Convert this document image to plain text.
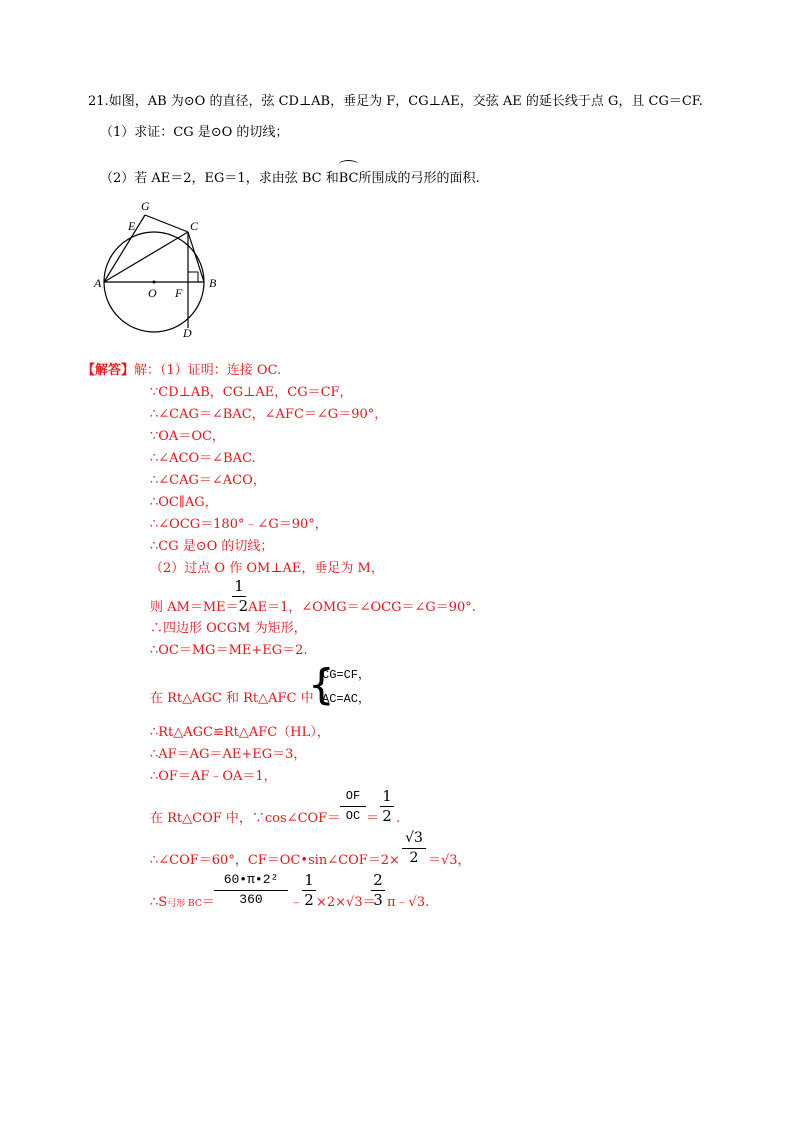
21.如图，AB 为⊙O 的直径，弦 CD⊥AB，垂足为 F，CG⊥AE，交弦 AE 的延长线于点 G，且 CG＝CF.
（1）求证：CG 是⊙O 的切线；
（2）若 AE＝2，EG＝1，求由弦 BC 和
BC所围成的弓形的面积.
G
E	C
A
O F
B
D
【解答】解：（1）证明：连接 OC.
∵CD⊥AB，CG⊥AE，CG＝CF，
∴∠CAG＝∠BAC，∠AFC＝∠G＝90°，
∵OA＝OC，
∴∠ACO＝∠BAC.
∴∠CAG＝∠ACO，
∴OC∥AG，
∴∠OCG＝180°﹣∠G＝90°，
∴CG 是⊙O 的切线；
（2）过点 O 作 OM⊥AE，垂足为 M，
1
则 AM＝ME＝2AE＝1，∠OMG＝∠OCG＝∠G＝90°.
∴四边形 OCGM 为矩形，
∴OC＝MG＝ME+EG＝2.
在 Rt△AGC 和 Rt△AFC 中
{
CG=CF，
AC=AC，
∴Rt△AGC≌Rt△AFC（HL），
∴AF＝AG＝AE+EG＝3，
∴OF＝AF﹣OA＝1，
在 Rt△COF 中，∵cos∠COF＝
OF
OC ＝
1
2 .
∴∠COF＝60°，CF＝OC•sin∠COF＝2×
√3
2 ＝√3，
∴S弓形 BC＝
60•π•2²
360	﹣
1
2 ×2×√3＝
2
3 π﹣√3.
